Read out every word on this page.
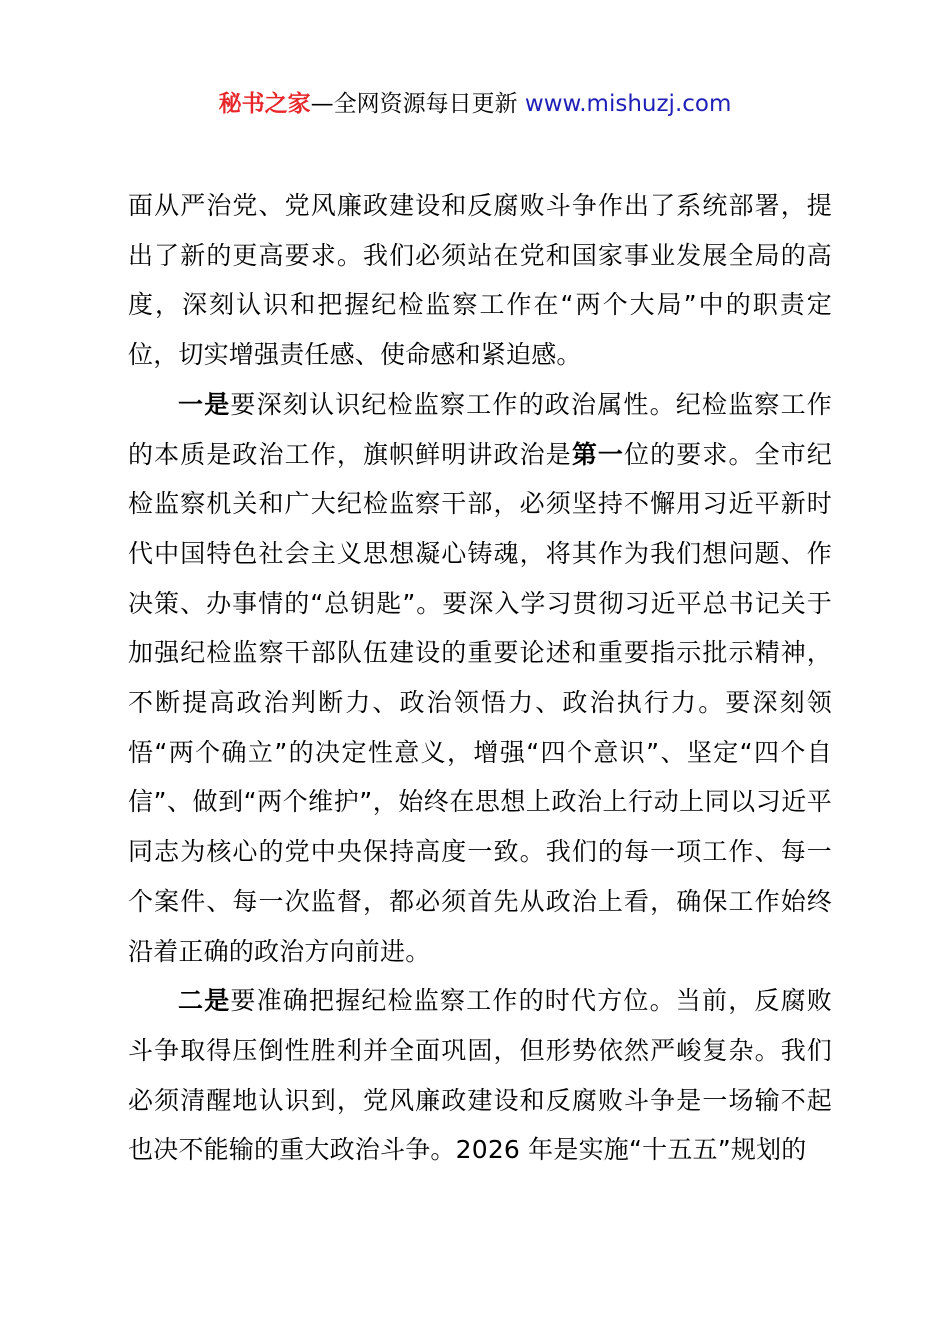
秘书之家—全网资源每日更新 www.mishuzj.com

面从严治党、党风廉政建设和反腐败斗争作出了系统部署，提出了新的更高要求。我们必须站在党和国家事业发展全局的高度，深刻认识和把握纪检监察工作在“两个大局”中的职责定位，切实增强责任感、使命感和紧迫感。

一是要深刻认识纪检监察工作的政治属性。纪检监察工作的本质是政治工作，旗帜鲜明讲政治是第一位的要求。全市纪检监察机关和广大纪检监察干部，必须坚持不懈用习近平新时代中国特色社会主义思想凝心铸魂，将其作为我们想问题、作决策、办事情的“总钥匙”。要深入学习贯彻习近平总书记关于加强纪检监察干部队伍建设的重要论述和重要指示批示精神，不断提高政治判断力、政治领悟力、政治执行力。要深刻领悟“两个确立”的决定性意义，增强“四个意识”、坚定“四个自信”、做到“两个维护”，始终在思想上政治上行动上同以习近平同志为核心的党中央保持高度一致。我们的每一项工作、每一个案件、每一次监督，都必须首先从政治上看，确保工作始终沿着正确的政治方向前进。

二是要准确把握纪检监察工作的时代方位。当前，反腐败斗争取得压倒性胜利并全面巩固，但形势依然严峻复杂。我们必须清醒地认识到，党风廉政建设和反腐败斗争是一场输不起也决不能输的重大政治斗争。2026 年是实施“十五五”规划的
